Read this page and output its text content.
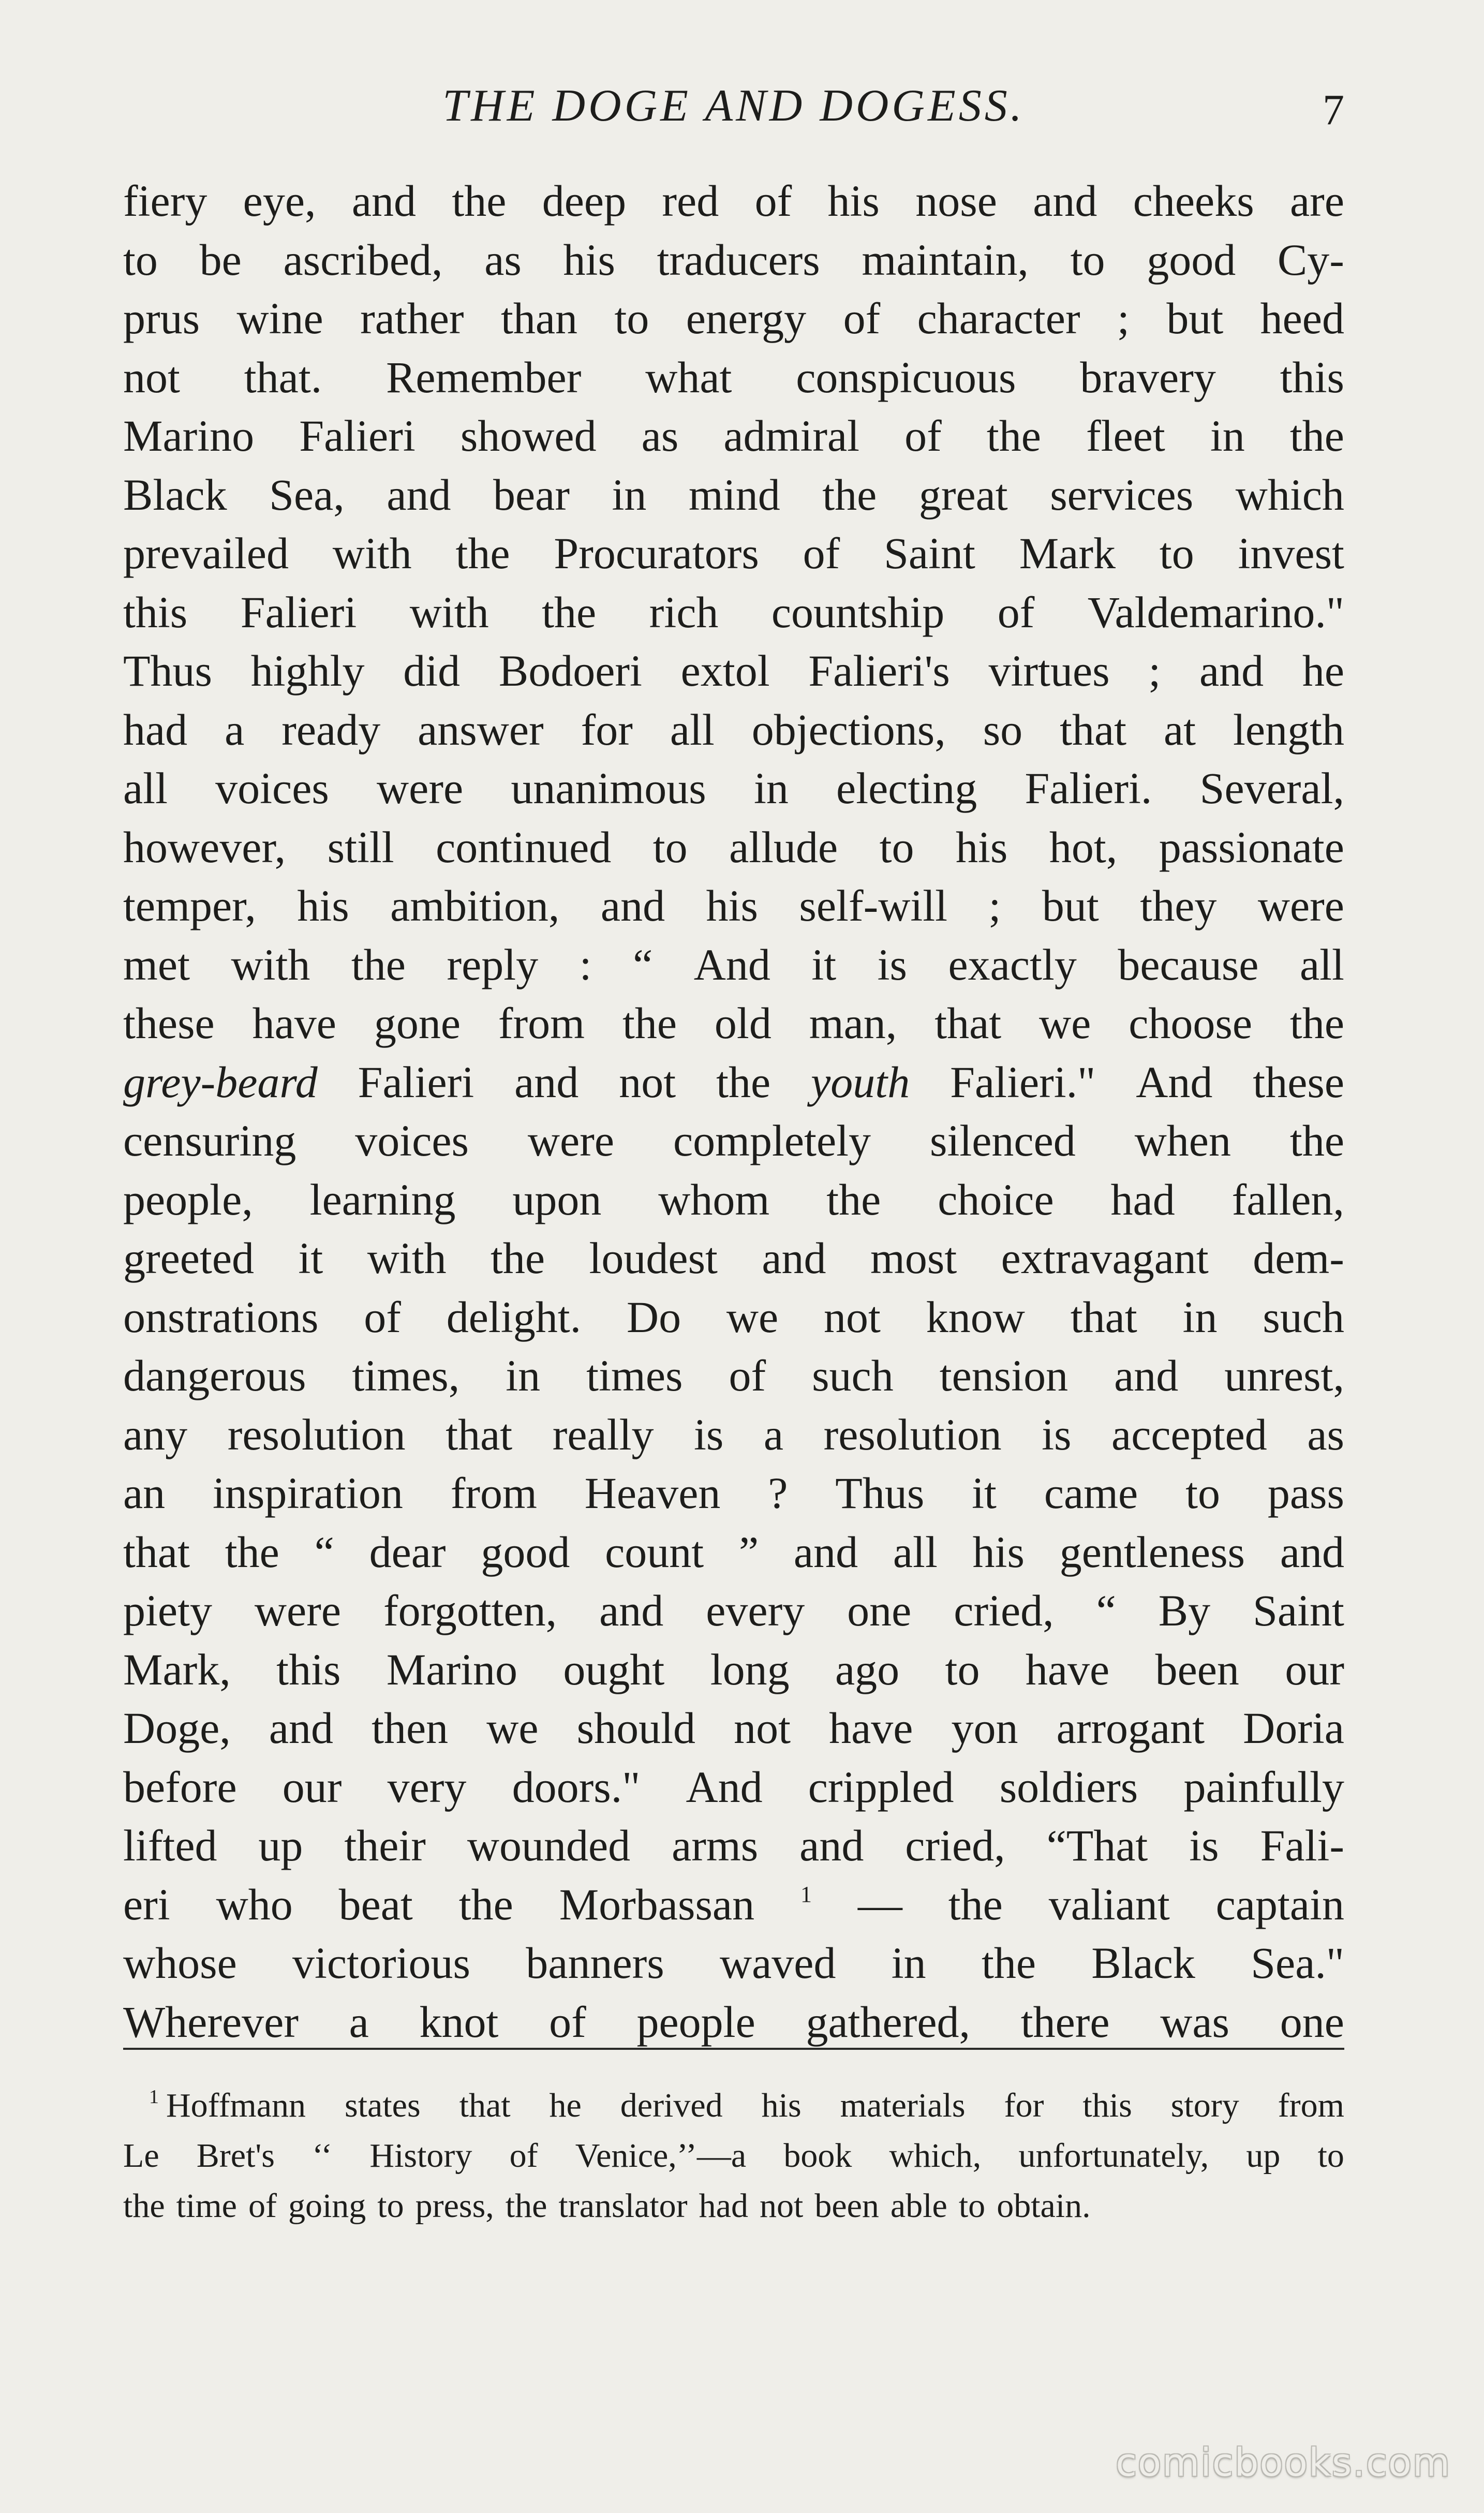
THE DOGE AND DOGESS.	7
fiery eye, and the deep red of his nose and cheeks are
to be ascribed, as his traducers maintain, to good Cy-
prus wine rather than to energy of character ; but heed
not that. Remember what conspicuous bravery this
Marino Falieri showed as admiral of the fleet in the
Black Sea, and bear in mind the great services which
prevailed with the Procurators of Saint Mark to invest
this Falieri with the rich countship of Valdemarino."
Thus highly did Bodoeri extol Falieri's virtues ; and he
had a ready answer for all objections, so that at length
all voices were unanimous in electing Falieri. Several,
however, still continued to allude to his hot, passionate
temper, his ambition, and his self-will ; but they were
met with the reply : “ And it is exactly because all
these have gone from the old man, that we choose the
grey-beard Falieri and not the youth Falieri." And these
censuring voices were completely silenced when the
people, learning upon whom the choice had fallen,
greeted it with the loudest and most extravagant dem-
onstrations of delight. Do we not know that in such
dangerous times, in times of such tension and unrest,
any resolution that really is a resolution is accepted as
an inspiration from Heaven ? Thus it came to pass
that the “ dear good count ” and all his gentleness and
piety were forgotten, and every one cried, “ By Saint
Mark, this Marino ought long ago to have been our
Doge, and then we should not have yon arrogant Doria
before our very doors." And crippled soldiers painfully
lifted up their wounded arms and cried, “That is Fali-
eri who beat the Morbassan $^1$ — the valiant captain
whose victorious banners waved in the Black Sea."
Wherever a knot of people gathered, there was one
$^1$ Hoffmann states that he derived his materials for this story from
Le Bret's ‘‘ History of Venice,’’—a book which, unfortunately, up to
the time of going to press, the translator had not been able to obtain.
comicbooks.com
